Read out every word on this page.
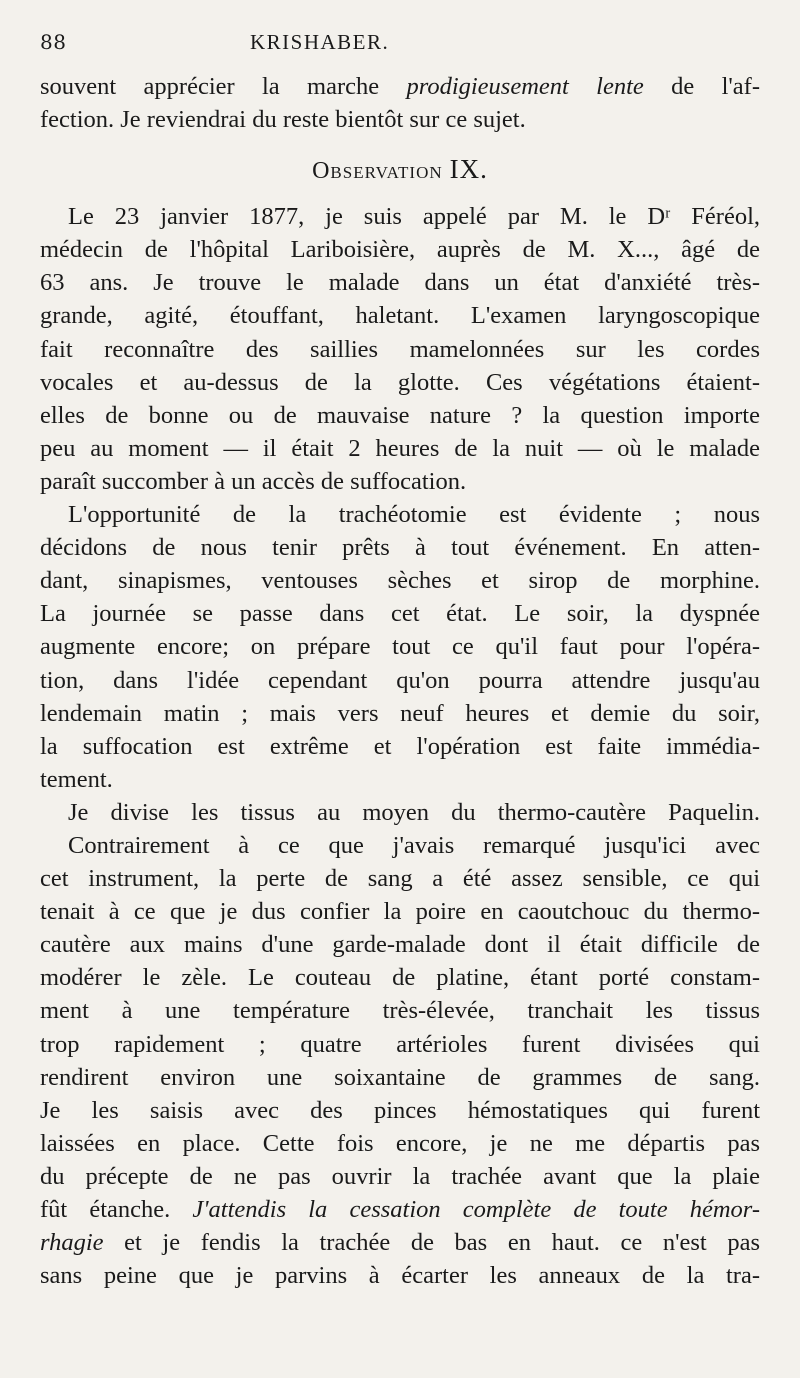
88	KRISHABER.
souvent apprécier la marche prodigieusement lente de l'af-
fection. Je reviendrai du reste bientôt sur ce sujet.
Observation IX.
Le 23 janvier 1877, je suis appelé par M. le Dʳ Féréol,
médecin de l'hôpital Lariboisière, auprès de M. X..., âgé de
63 ans. Je trouve le malade dans un état d'anxiété très-
grande, agité, étouffant, haletant. L'examen laryngoscopique
fait reconnaître des saillies mamelonnées sur les cordes
vocales et au-dessus de la glotte. Ces végétations étaient-
elles de bonne ou de mauvaise nature ? la question importe
peu au moment — il était 2 heures de la nuit — où le malade
paraît succomber à un accès de suffocation.
L'opportunité de la trachéotomie est évidente ; nous
décidons de nous tenir prêts à tout événement. En atten-
dant, sinapismes, ventouses sèches et sirop de morphine.
La journée se passe dans cet état. Le soir, la dyspnée
augmente encore; on prépare tout ce qu'il faut pour l'opéra-
tion, dans l'idée cependant qu'on pourra attendre jusqu'au
lendemain matin ; mais vers neuf heures et demie du soir,
la suffocation est extrême et l'opération est faite immédia-
tement.
Je divise les tissus au moyen du thermo-cautère Paquelin.
Contrairement à ce que j'avais remarqué jusqu'ici avec
cet instrument, la perte de sang a été assez sensible, ce qui
tenait à ce que je dus confier la poire en caoutchouc du thermo-
cautère aux mains d'une garde-malade dont il était difficile de
modérer le zèle. Le couteau de platine, étant porté constam-
ment à une température très-élevée, tranchait les tissus
trop rapidement ; quatre artérioles furent divisées qui
rendirent environ une soixantaine de grammes de sang.
Je les saisis avec des pinces hémostatiques qui furent
laissées en place. Cette fois encore, je ne me départis pas
du précepte de ne pas ouvrir la trachée avant que la plaie
fût étanche. J'attendis la cessation complète de toute hémor-
rhagie et je fendis la trachée de bas en haut. ce n'est pas
sans peine que je parvins à écarter les anneaux de la tra-
